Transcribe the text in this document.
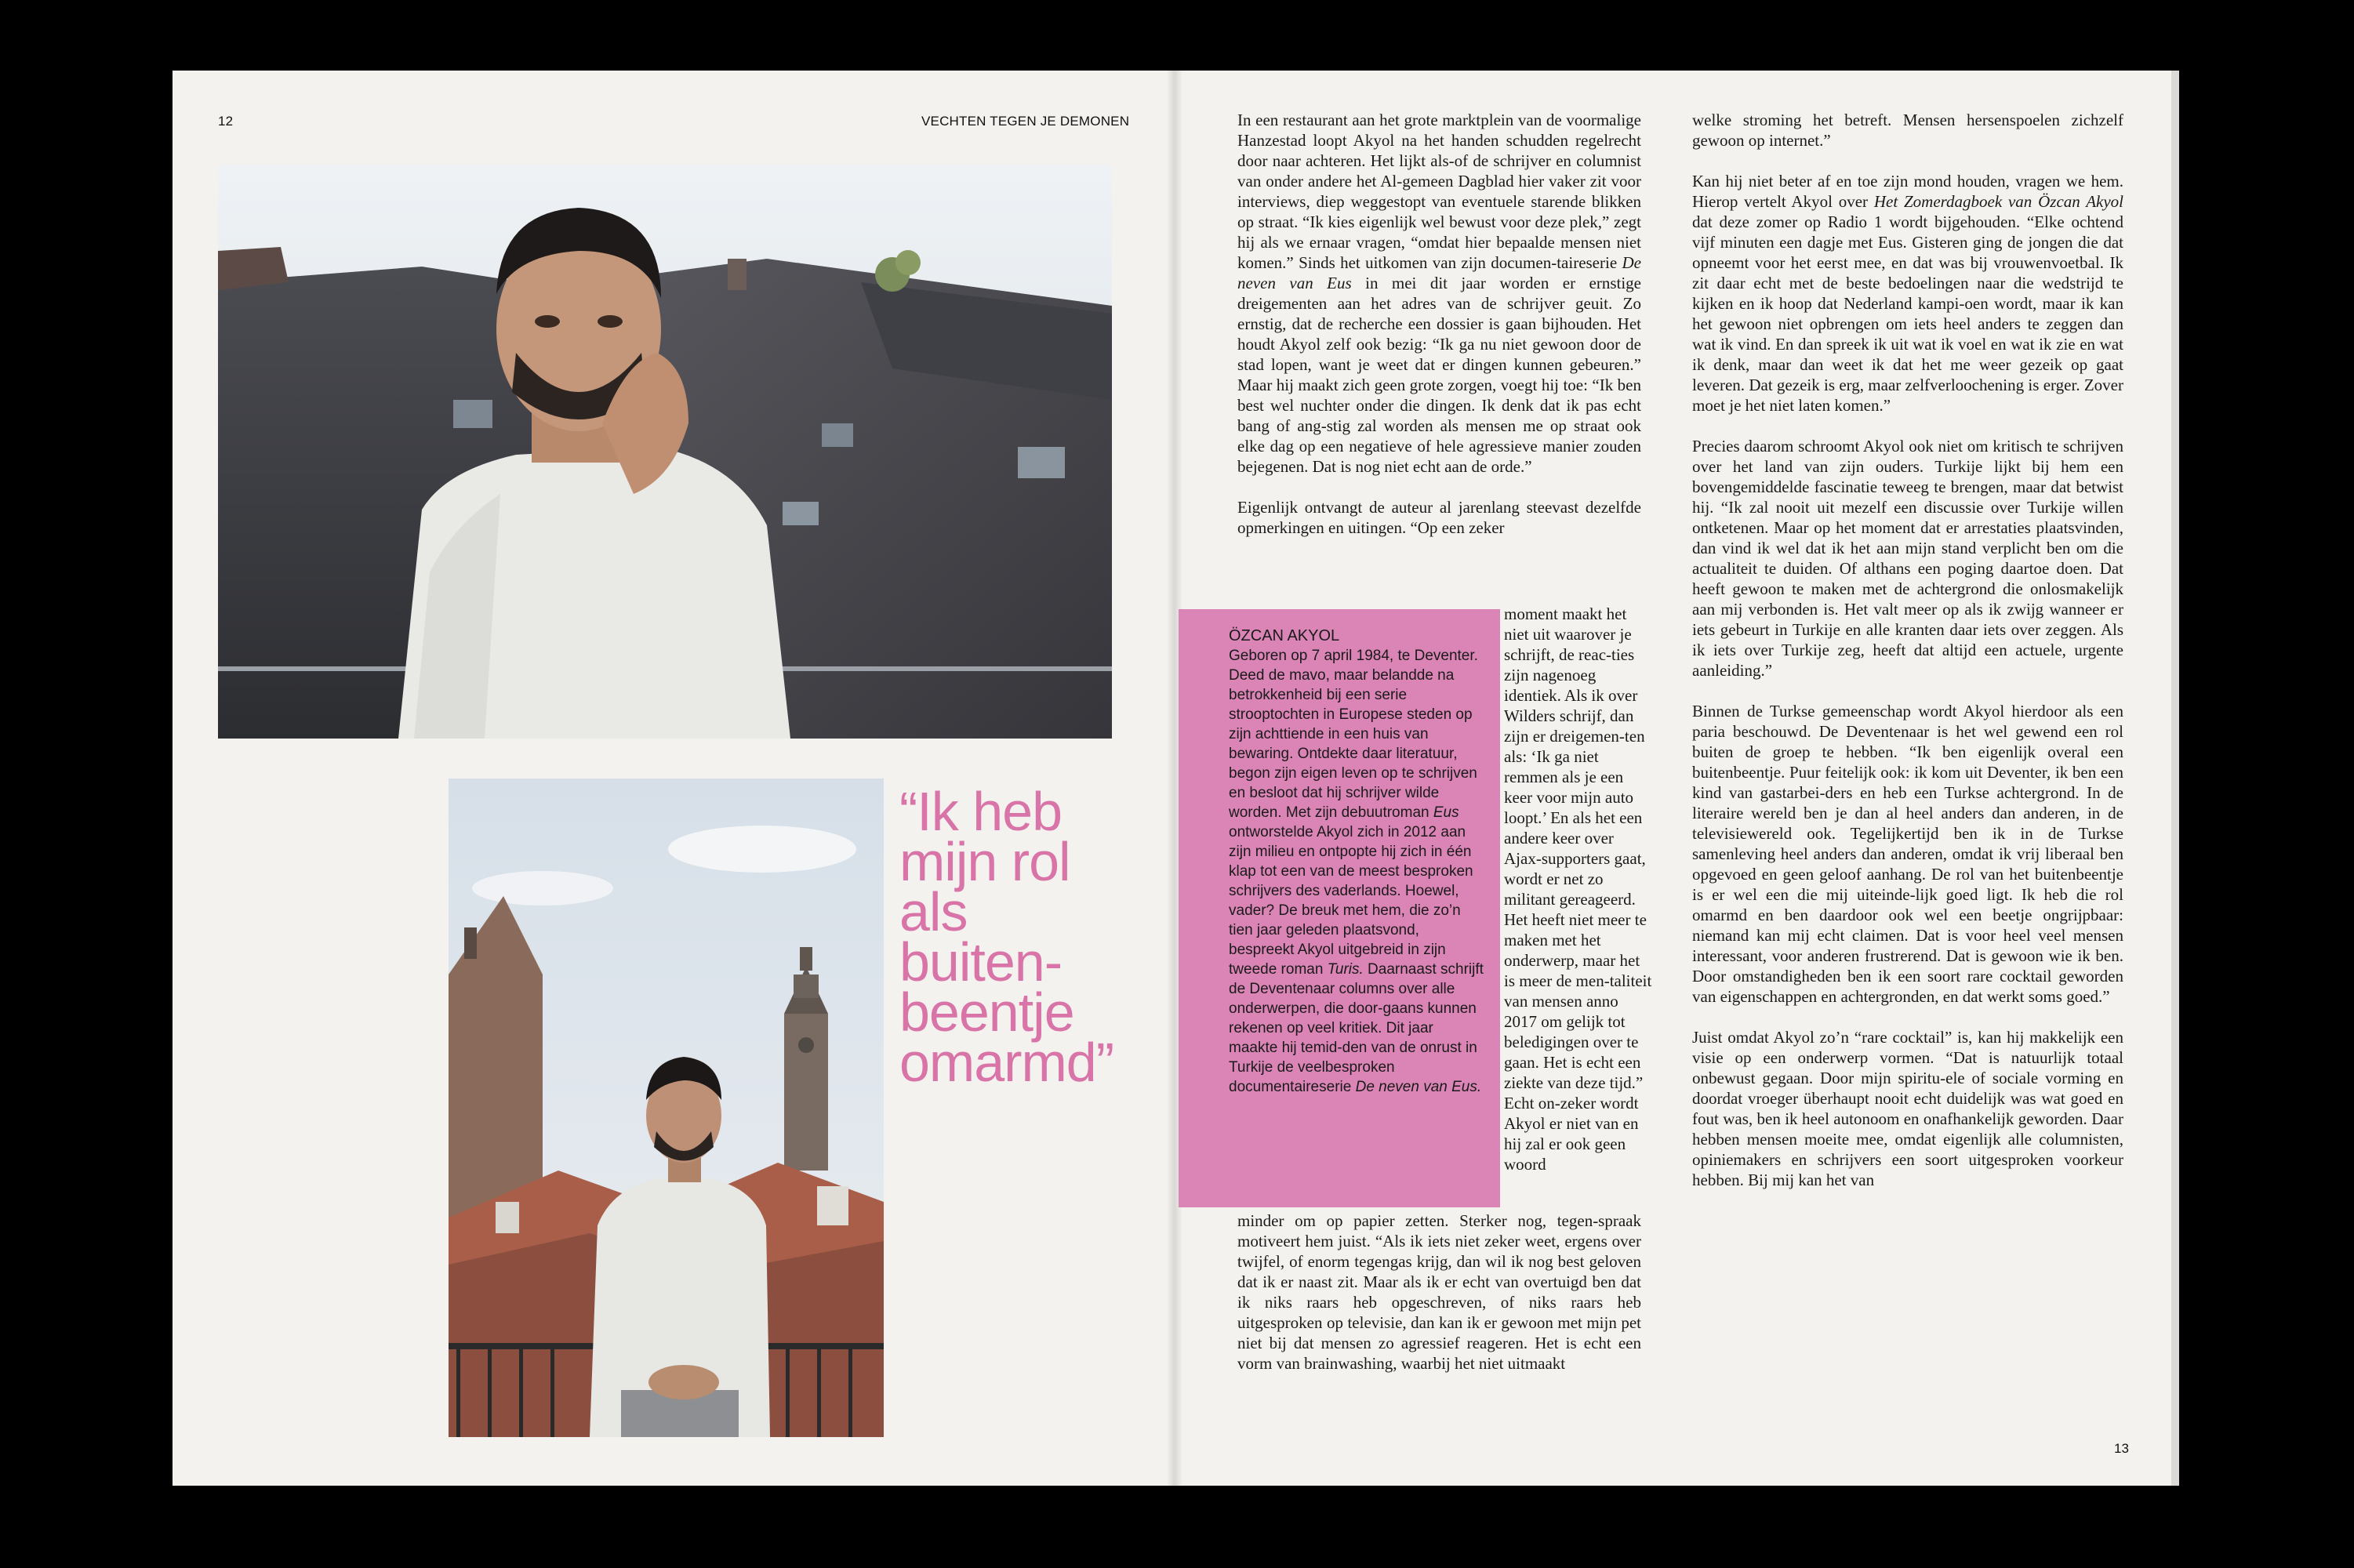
12	VECHTEN TEGEN JE DEMONEN
“Ik heb mijn rol als buiten-beentje omarmd”

ÖZCAN AKYOL

Geboren op 7 april 1984, te Deventer. Deed de mavo, maar belandde na betrokkenheid bij een serie strooptochten in Europese steden op zijn achttiende in een huis van bewaring. Ontdekte daar literatuur, begon zijn eigen leven op te schrijven en besloot dat hij schrijver wilde worden. Met zijn debuutroman Eus ontworstelde Akyol zich in 2012 aan zijn milieu en ontpopte hij zich in één klap tot een van de meest besproken schrijvers des vaderlands. Hoewel, vader? De breuk met hem, die zo’n tien jaar geleden plaatsvond, bespreekt Akyol uitgebreid in zijn tweede roman Turis. Daarnaast schrijft de Deventenaar columns over alle onderwerpen, die door-gaans kunnen rekenen op veel kritiek. Dit jaar maakte hij temid-den van de onrust in Turkije de veelbesproken documentaireserie De neven van Eus.

In een restaurant aan het grote marktplein van de voormalige Hanzestad loopt Akyol na het handen schudden regelrecht door naar achteren. Het lijkt als-of de schrijver en columnist van onder andere het Al-gemeen Dagblad hier vaker zit voor interviews, diep weggestopt van eventuele starende blikken op straat. “Ik kies eigenlijk wel bewust voor deze plek,” zegt hij als we ernaar vragen, “omdat hier bepaalde mensen niet komen.” Sinds het uitkomen van zijn documen-taireserie De neven van Eus in mei dit jaar worden er ernstige dreigementen aan het adres van de schrijver geuit. Zo ernstig, dat de recherche een dossier is gaan bijhouden. Het houdt Akyol zelf ook bezig: “Ik ga nu niet gewoon door de stad lopen, want je weet dat er dingen kunnen gebeuren.” Maar hij maakt zich geen grote zorgen, voegt hij toe: “Ik ben best wel nuchter onder die dingen. Ik denk dat ik pas echt bang of ang-stig zal worden als mensen me op straat ook elke dag op een negatieve of hele agressieve manier zouden bejegenen. Dat is nog niet echt aan de orde.”

Eigenlijk ontvangt de auteur al jarenlang steevast dezelfde opmerkingen en uitingen. “Op een zeker

moment maakt het niet uit waarover je schrijft, de reac-ties zijn nagenoeg identiek. Als ik over Wilders schrijf, dan zijn er dreigemen-ten als: ‘Ik ga niet remmen als je een keer voor mijn auto loopt.’ En als het een andere keer over Ajax-supporters gaat, wordt er net zo militant gereageerd. Het heeft niet meer te maken met het onderwerp, maar het is meer de men-taliteit van mensen anno 2017 om gelijk tot beledigingen over te gaan. Het is echt een ziekte van deze tijd.” Echt on-zeker wordt Akyol er niet van en hij zal er ook geen woord

minder om op papier zetten. Sterker nog, tegen-spraak motiveert hem juist. “Als ik iets niet zeker weet, ergens over twijfel, of enorm tegengas krijg, dan wil ik nog best geloven dat ik er naast zit. Maar als ik er echt van overtuigd ben dat ik niks raars heb opgeschreven, of niks raars heb uitgesproken op televisie, dan kan ik er gewoon met mijn pet niet bij dat mensen zo agressief reageren. Het is echt een vorm van brainwashing, waarbij het niet uitmaakt

welke stroming het betreft. Mensen hersenspoelen zichzelf gewoon op internet.”

Kan hij niet beter af en toe zijn mond houden, vragen we hem. Hierop vertelt Akyol over Het Zomerdagboek van Özcan Akyol dat deze zomer op Radio 1 wordt bijgehouden. “Elke ochtend vijf minuten een dagje met Eus. Gisteren ging de jongen die dat opneemt voor het eerst mee, en dat was bij vrouwenvoetbal. Ik zit daar echt met de beste bedoelingen naar die wedstrijd te kijken en ik hoop dat Nederland kampi-oen wordt, maar ik kan het gewoon niet opbrengen om iets heel anders te zeggen dan wat ik vind. En dan spreek ik uit wat ik voel en wat ik zie en wat ik denk, maar dan weet ik dat het me weer gezeik op gaat leveren. Dat gezeik is erg, maar zelfverloochening is erger. Zover moet je het niet laten komen.”

Precies daarom schroomt Akyol ook niet om kritisch te schrijven over het land van zijn ouders. Turkije lijkt bij hem een bovengemiddelde fascinatie teweeg te brengen, maar dat betwist hij. “Ik zal nooit uit mezelf een discussie over Turkije willen ontketenen. Maar op het moment dat er arrestaties plaatsvinden, dan vind ik wel dat ik het aan mijn stand verplicht ben om die actualiteit te duiden. Of althans een poging daartoe doen. Dat heeft gewoon te maken met de achtergrond die onlosmakelijk aan mij verbonden is. Het valt meer op als ik zwijg wanneer er iets gebeurt in Turkije en alle kranten daar iets over zeggen. Als ik iets over Turkije zeg, heeft dat altijd een actuele, urgente aanleiding.”

Binnen de Turkse gemeenschap wordt Akyol hierdoor als een paria beschouwd. De Deventenaar is het wel gewend een rol buiten de groep te hebben. “Ik ben eigenlijk overal een buitenbeentje. Puur feitelijk ook: ik kom uit Deventer, ik ben een kind van gastarbei-ders en heb een Turkse achtergrond. In de literaire wereld ben je dan al heel anders dan anderen, in de televisiewereld ook. Tegelijkertijd ben ik in de Turkse samenleving heel anders dan anderen, omdat ik vrij liberaal ben opgevoed en geen geloof aanhang. De rol van het buitenbeentje is er wel een die mij uiteinde-lijk goed ligt. Ik heb die rol omarmd en ben daardoor ook wel een beetje ongrijpbaar: niemand kan mij echt claimen. Dat is voor heel veel mensen interessant, voor anderen frustrerend. Dat is gewoon wie ik ben. Door omstandigheden ben ik een soort rare cocktail geworden van eigenschappen en achtergronden, en dat werkt soms goed.”

Juist omdat Akyol zo’n “rare cocktail” is, kan hij makkelijk een visie op een onderwerp vormen. “Dat is natuurlijk totaal onbewust gegaan. Door mijn spiritu-ele of sociale vorming en doordat vroeger überhaupt nooit echt duidelijk was wat goed en fout was, ben ik heel autonoom en onafhankelijk geworden. Daar hebben mensen moeite mee, omdat eigenlijk alle columnisten, opiniemakers en schrijvers een soort uitgesproken voorkeur hebben. Bij mij kan het van

13
